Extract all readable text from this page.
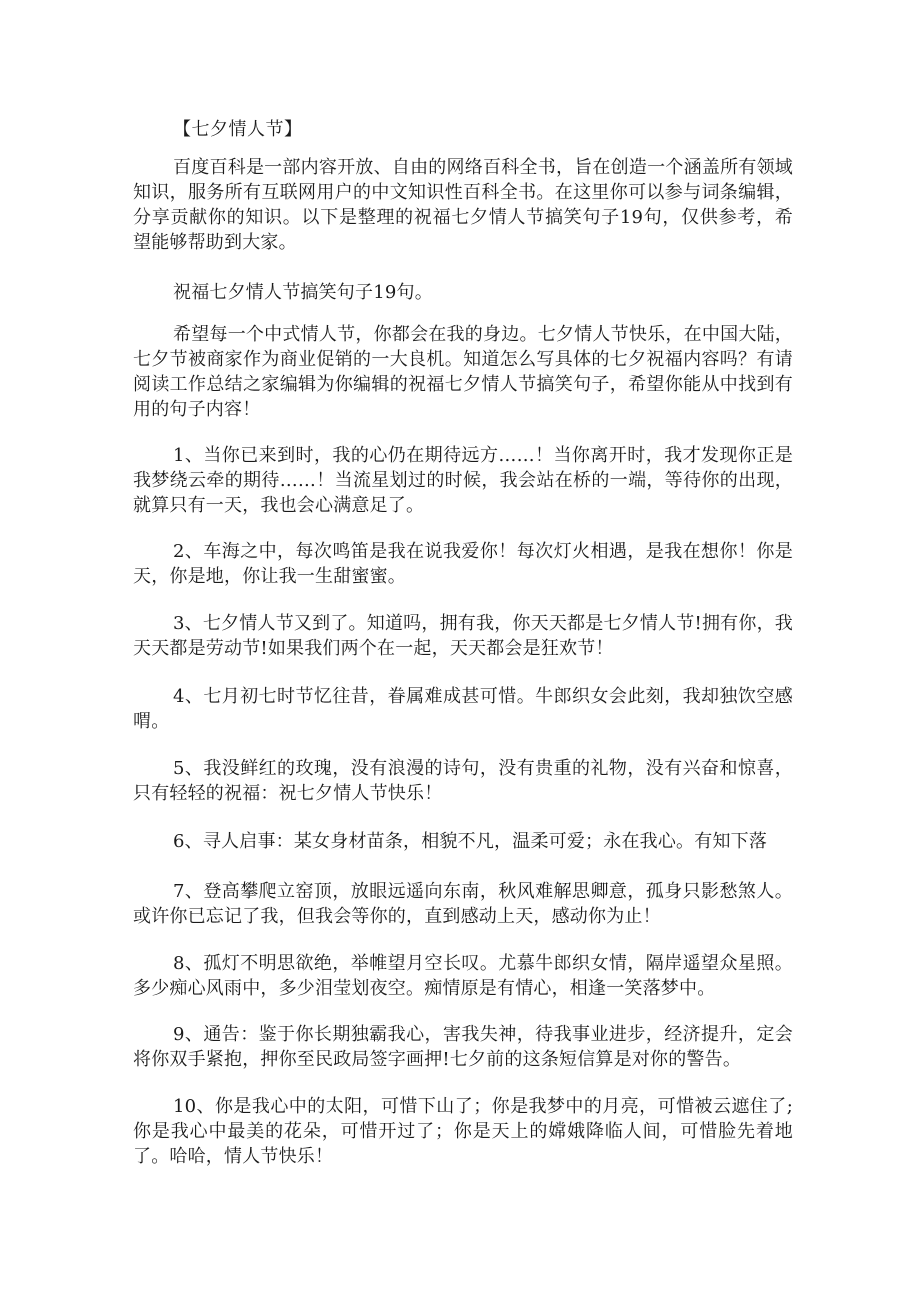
【七夕情人节】

百度百科是一部内容开放、自由的网络百科全书，旨在创造一个涵盖所有领域知识，服务所有互联网用户的中文知识性百科全书。在这里你可以参与词条编辑，分享贡献你的知识。以下是整理的祝福七夕情人节搞笑句子19句，仅供参考，希望能够帮助到大家。

祝福七夕情人节搞笑句子19句。

希望每一个中式情人节，你都会在我的身边。七夕情人节快乐，在中国大陆，七夕节被商家作为商业促销的一大良机。知道怎么写具体的七夕祝福内容吗？有请阅读工作总结之家编辑为你编辑的祝福七夕情人节搞笑句子，希望你能从中找到有用的句子内容！

1、当你已来到时，我的心仍在期待远方……！当你离开时，我才发现你正是我梦绕云牵的期待……！当流星划过的时候，我会站在桥的一端，等待你的出现，就算只有一天，我也会心满意足了。

2、车海之中，每次鸣笛是我在说我爱你！每次灯火相遇，是我在想你！你是天，你是地，你让我一生甜蜜蜜。

3、七夕情人节又到了。知道吗，拥有我，你天天都是七夕情人节!拥有你，我天天都是劳动节!如果我们两个在一起，天天都会是狂欢节！

4、七月初七时节忆往昔，眷属难成甚可惜。牛郎织女会此刻，我却独饮空感喟。

5、我没鲜红的玫瑰，没有浪漫的诗句，没有贵重的礼物，没有兴奋和惊喜，只有轻轻的祝福：祝七夕情人节快乐！

6、寻人启事：某女身材苗条，相貌不凡，温柔可爱；永在我心。有知下落

7、登高攀爬立窑顶，放眼远遥向东南，秋风难解思卿意，孤身只影愁煞人。或许你已忘记了我，但我会等你的，直到感动上天，感动你为止！

8、孤灯不明思欲绝，举帷望月空长叹。尤慕牛郎织女情，隔岸遥望众星照。多少痴心风雨中，多少泪莹划夜空。痴情原是有情心，相逢一笑落梦中。

9、通告：鉴于你长期独霸我心，害我失神，待我事业进步，经济提升，定会将你双手紧抱，押你至民政局签字画押!七夕前的这条短信算是对你的警告。

10、你是我心中的太阳，可惜下山了；你是我梦中的月亮，可惜被云遮住了;你是我心中最美的花朵，可惜开过了；你是天上的嫦娥降临人间，可惜脸先着地了。哈哈，情人节快乐！
